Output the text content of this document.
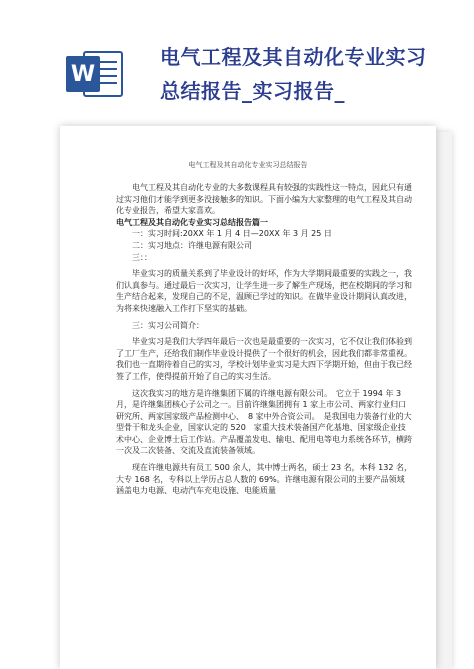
W
电气工程及其自动化专业实习
总结报告_实习报告_
电气工程及其自动化专业实习总结报告

电气工程及其自动化专业的大多数课程具有较强的实践性这一特点，因此只有通过实习他们才能学到更多没接触多的知识。下面小编为大家整理的电气工程及其自动化专业报告，希望大家喜欢。

电气工程及其自动化专业实习总结报告篇一

一：实习时间:20XX 年 1 月 4 日—20XX 年 3 月 25 日

二：实习地点：许继电源有限公司

三：：

毕业实习的质量关系到了毕业设计的好坏，作为大学期间最重要的实践之一，我们认真参与。通过最后一次实习，让学生进一步了解生产现场，把在校期间的学习和生产结合起来，发现自己的不足，温顾已学过的知识。在做毕业设计期间认真改进，为将来快速融入工作打下坚实的基础。

三：实习公司简介：

毕业实习是我们大学四年最后一次也是最重要的一次实习，它不仅让我们体验到了工厂生产，还给我们制作毕业设计提供了一个很好的机会，因此我们都非常重视。我们也一直期待着自己的实习，学校计划毕业实习是大四下学期开始，但由于我已经签了工作，使得提前开始了自己的实习生活。

这次我实习的地方是许继集团下属的许继电源有限公司。　它立于 1994 年 3 月，是许继集团核心子公司之一。目前许继集团拥有 1 家上市公司、两家行业归口研究所、两家国家级产品检测中心、　8 家中外合资公司。　是我国电力装备行业的大型骨干和龙头企业，国家认定的 520　家重大技术装备国产化基地、国家级企业技术中心、企业博士后工作站。产品覆盖发电、输电、配用电等电力系统各环节，横跨一次及二次装备、交流及直流装备领域。

现在许继电源共有员工 500 余人，其中博士两名，硕士 23 名，本科 132 名，大专 168 名，专科以上学历占总人数的 69%。许继电源有限公司的主要产品领域涵盖电力电源、电动汽车充电设施、电能质量
